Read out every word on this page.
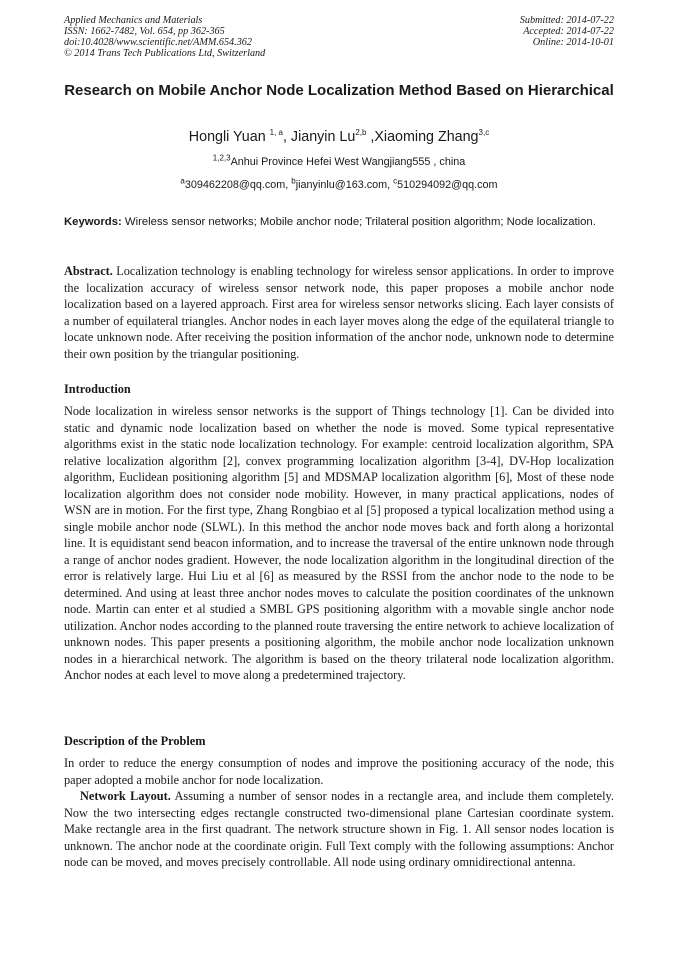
Applied Mechanics and Materials
ISSN: 1662-7482, Vol. 654, pp 362-365
doi:10.4028/www.scientific.net/AMM.654.362
© 2014 Trans Tech Publications Ltd, Switzerland
Submitted: 2014-07-22
Accepted: 2014-07-22
Online: 2014-10-01
Research on Mobile Anchor Node Localization Method Based on Hierarchical
Hongli Yuan $^{1, a}$, Jianyin Lu$^{2,b}$ ,Xiaoming Zhang$^{3,c}$
$^{1,2,3}$Anhui Province Hefei West Wangjiang555 , china
$^a$309462208@qq.com, $^b$jianyinlu@163.com, $^c$510294092@qq.com
Keywords: Wireless sensor networks; Mobile anchor node; Trilateral position algorithm; Node localization.

Abstract. Localization technology is enabling technology for wireless sensor applications. In order to improve the localization accuracy of wireless sensor network node, this paper proposes a mobile anchor node localization based on a layered approach. First area for wireless sensor networks slicing. Each layer consists of a number of equilateral triangles. Anchor nodes in each layer moves along the edge of the equilateral triangle to locate unknown node. After receiving the position information of the anchor node, unknown node to determine their own position by the triangular positioning.

Introduction

Node localization in wireless sensor networks is the support of Things technology [1]. Can be divided into static and dynamic node localization based on whether the node is moved. Some typical representative algorithms exist in the static node localization technology. For example: centroid localization algorithm, SPA relative localization algorithm [2], convex programming localization algorithm [3-4], DV-Hop localization algorithm, Euclidean positioning algorithm [5] and MDSMAP localization algorithm [6], Most of these node localization algorithm does not consider node mobility. However, in many practical applications, nodes of WSN are in motion. For the first type, Zhang Rongbiao et al [5] proposed a typical localization method using a single mobile anchor node (SLWL). In this method the anchor node moves back and forth along a horizontal line. It is equidistant send beacon information, and to increase the traversal of the entire unknown node through a range of anchor nodes gradient. However, the node localization algorithm in the longitudinal direction of the error is relatively large. Hui Liu et al [6] as measured by the RSSI from the anchor node to the node to be determined. And using at least three anchor nodes moves to calculate the position coordinates of the unknown node. Martin can enter et al studied a SMBL GPS positioning algorithm with a movable single anchor node utilization. Anchor nodes according to the planned route traversing the entire network to achieve localization of unknown nodes. This paper presents a positioning algorithm, the mobile anchor node localization unknown nodes in a hierarchical network. The algorithm is based on the theory trilateral node localization algorithm. Anchor nodes at each level to move along a predetermined trajectory.

Description of the Problem

In order to reduce the energy consumption of nodes and improve the positioning accuracy of the node, this paper adopted a mobile anchor for node localization.

Network Layout. Assuming a number of sensor nodes in a rectangle area, and include them completely. Now the two intersecting edges rectangle constructed two-dimensional plane Cartesian coordinate system. Make rectangle area in the first quadrant. The network structure shown in Fig. 1. All sensor nodes location is unknown. The anchor node at the coordinate origin. Full Text comply with the following assumptions: Anchor node can be moved, and moves precisely controllable. All node using ordinary omnidirectional antenna.
